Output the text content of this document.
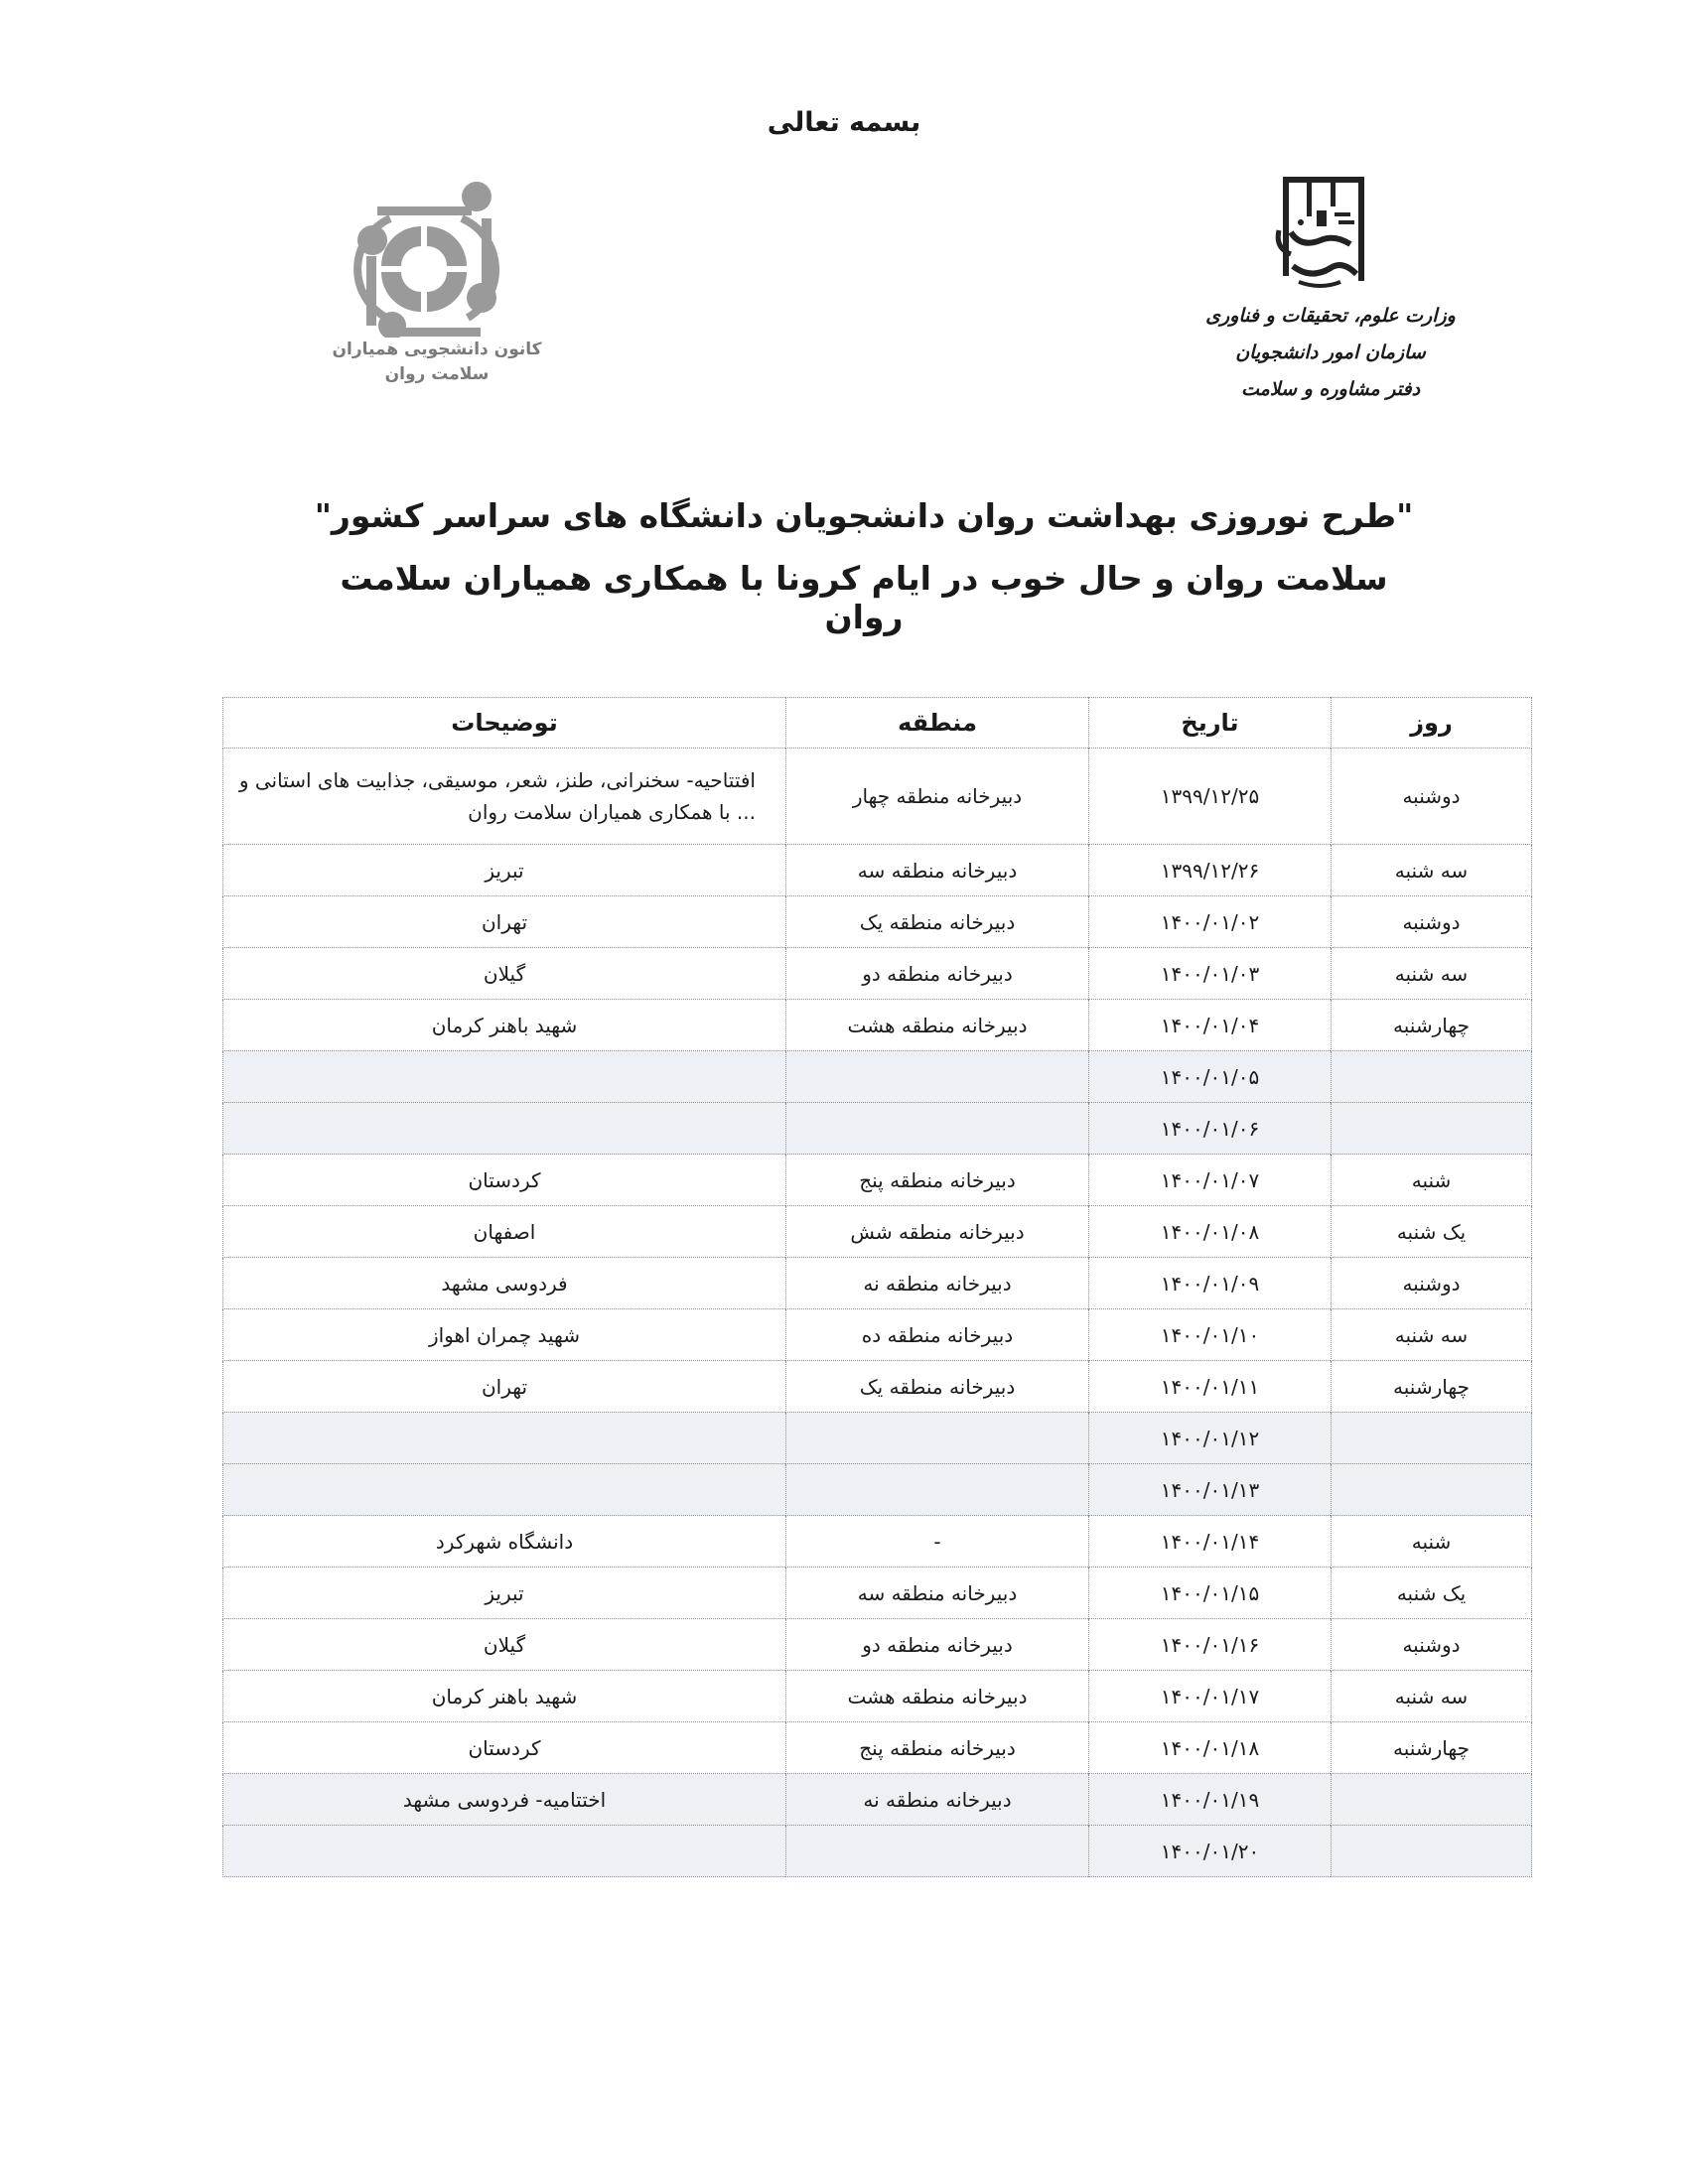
بسمه تعالی
وزارت علوم، تحقیقات و فناوری
سازمان امور دانشجویان
دفتر مشاوره و سلامت
کانون دانشجویی همیاران
سلامت روان
"طرح نوروزی بهداشت روان دانشجویان دانشگاه های سراسر کشور"
سلامت روان و حال خوب در ایام کرونا با همکاری همیاران سلامت روان
روز	تاریخ	منطقه	توضیحات
دوشنبه	۱۳۹۹/۱۲/۲۵	دبیرخانه منطقه چهار	افتتاحیه- سخنرانی، طنز، شعر، موسیقی، جذابیت های استانی و ... با همکاری همیاران سلامت روان
سه شنبه	۱۳۹۹/۱۲/۲۶	دبیرخانه منطقه سه	تبریز
دوشنبه	۱۴۰۰/۰۱/۰۲	دبیرخانه منطقه یک	تهران
سه شنبه	۱۴۰۰/۰۱/۰۳	دبیرخانه منطقه دو	گیلان
چهارشنبه	۱۴۰۰/۰۱/۰۴	دبیرخانه منطقه هشت	شهید باهنر کرمان
	۱۴۰۰/۰۱/۰۵		
	۱۴۰۰/۰۱/۰۶		
شنبه	۱۴۰۰/۰۱/۰۷	دبیرخانه منطقه پنج	کردستان
یک شنبه	۱۴۰۰/۰۱/۰۸	دبیرخانه منطقه شش	اصفهان
دوشنبه	۱۴۰۰/۰۱/۰۹	دبیرخانه منطقه نه	فردوسی مشهد
سه شنبه	۱۴۰۰/۰۱/۱۰	دبیرخانه منطقه ده	شهید چمران اهواز
چهارشنبه	۱۴۰۰/۰۱/۱۱	دبیرخانه منطقه یک	تهران
	۱۴۰۰/۰۱/۱۲		
	۱۴۰۰/۰۱/۱۳		
شنبه	۱۴۰۰/۰۱/۱۴	-	دانشگاه شهرکرد
یک شنبه	۱۴۰۰/۰۱/۱۵	دبیرخانه منطقه سه	تبریز
دوشنبه	۱۴۰۰/۰۱/۱۶	دبیرخانه منطقه دو	گیلان
سه شنبه	۱۴۰۰/۰۱/۱۷	دبیرخانه منطقه هشت	شهید باهنر کرمان
چهارشنبه	۱۴۰۰/۰۱/۱۸	دبیرخانه منطقه پنج	کردستان
	۱۴۰۰/۰۱/۱۹	دبیرخانه منطقه نه	اختتامیه- فردوسی مشهد
	۱۴۰۰/۰۱/۲۰		
